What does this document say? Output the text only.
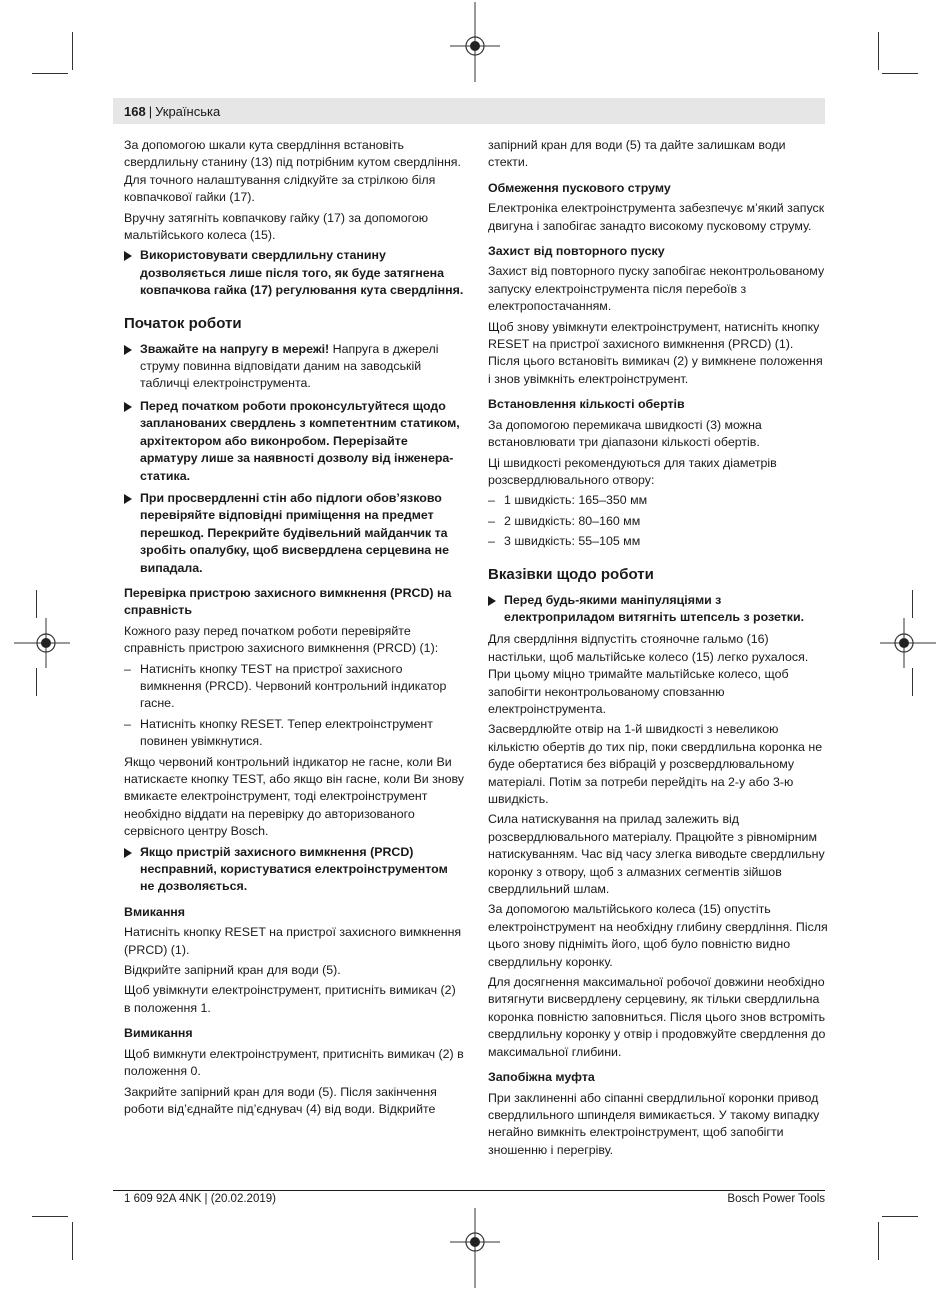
168 | Українська

За допомогою шкали кута свердління встановіть свердлильну станину (13) під потрібним кутом свердління. Для точного налаштування слідкуйте за стрілкою біля ковпачкової гайки (17).

Вручну затягніть ковпачкову гайку (17) за допомогою мальтійського колеса (15).

Використовувати свердлильну станину дозволяється лише після того, як буде затягнена ковпачкова гайка (17) регулювання кута свердління.
Початок роботи
Зважайте на напругу в мережі! Напруга в джерелі струму повинна відповідати даним на заводській табличці електроінструмента.
Перед початком роботи проконсультуйтеся щодо запланованих свердлень з компетентним статиком, архітектором або виконробом. Перерізайте арматуру лише за наявності дозволу від інженера-статика.
При просвердленні стін або підлоги обов’язково перевіряйте відповідні приміщення на предмет перешкод. Перекрийте будівельний майданчик та зробіть опалубку, щоб висвердлена серцевина не випадала.
Перевірка пристрою захисного вимкнення (PRCD) на справність

Кожного разу перед початком роботи перевіряйте справність пристрою захисного вимкнення (PRCD) (1):

– Натисніть кнопку TEST на пристрої захисного вимкнення (PRCD). Червоний контрольний індикатор гасне.
– Натисніть кнопку RESET. Тепер електроінструмент повинен увімкнутися.

Якщо червоний контрольний індикатор не гасне, коли Ви натискаєте кнопку TEST, або якщо він гасне, коли Ви знову вмикаєте електроінструмент, тоді електроінструмент необхідно віддати на перевірку до авторизованого сервісного центру Bosch.

Якщо пристрій захисного вимкнення (PRCD) несправний, користуватися електроінструментом не дозволяється.
Вмикання

Натисніть кнопку RESET на пристрої захисного вимкнення (PRCD) (1).

Відкрийте запірний кран для води (5).

Щоб увімкнути електроінструмент, притисніть вимикач (2) в положення 1.

Вимикання

Щоб вимкнути електроінструмент, притисніть вимикач (2) в положення 0.

Закрийте запірний кран для води (5). Після закінчення роботи від’єднайте під’єднувач (4) від води. Відкрийте

запірний кран для води (5) та дайте залишкам води стекти.

Обмеження пускового струму

Електроніка електроінструмента забезпечує м’який запуск двигуна і запобігає занадто високому пусковому струму.

Захист від повторного пуску

Захист від повторного пуску запобігає неконтрольованому запуску електроінструмента після перебоїв з електропостачанням.

Щоб знову увімкнути електроінструмент, натисніть кнопку RESET на пристрої захисного вимкнення (PRCD) (1). Після цього встановіть вимикач (2) у вимкнене положення і знов увімкніть електроінструмент.

Встановлення кількості обертів

За допомогою перемикача швидкості (3) можна встановлювати три діапазони кількості обертів.

Ці швидкості рекомендуються для таких діаметрів розсвердлювального отвору:

– 1 швидкість: 165–350 мм
– 2 швидкість: 80–160 мм
– 3 швидкість: 55–105 мм
Вказівки щодо роботи
Перед будь-якими маніпуляціями з електроприладом витягніть штепсель з розетки.

Для свердління відпустіть стояночне гальмо (16) настільки, щоб мальтійське колесо (15) легко рухалося. При цьому міцно тримайте мальтійське колесо, щоб запобігти неконтрольованому сповзанню електроінструмента.

Засвердлюйте отвір на 1-й швидкості з невеликою кількістю обертів до тих пір, поки свердлильна коронка не буде обертатися без вібрацій у розсвердлювальному матеріалі. Потім за потреби перейдіть на 2-у або 3-ю швидкість.

Сила натискування на прилад залежить від розсвердлювального матеріалу. Працюйте з рівномірним натискуванням. Час від часу злегка виводьте свердлильну коронку з отвору, щоб з алмазних сегментів зійшов свердлильний шлам.

За допомогою мальтійського колеса (15) опустіть електроінструмент на необхідну глибину свердління. Після цього знову підніміть його, щоб було повністю видно свердлильну коронку.

Для досягнення максимальної робочої довжини необхідно витягнути висвердлену серцевину, як тільки свердлильна коронка повністю заповниться. Після цього знов встроміть свердлильну коронку у отвір і продовжуйте свердлення до максимальної глибини.

Запобіжна муфта

При заклиненні або сіпанні свердлильної коронки привод свердлильного шпинделя вимикається. У такому випадку негайно вимкніть електроінструмент, щоб запобігти зношенню і перегріву.

1 609 92A 4NK | (20.02.2019)	Bosch Power Tools
